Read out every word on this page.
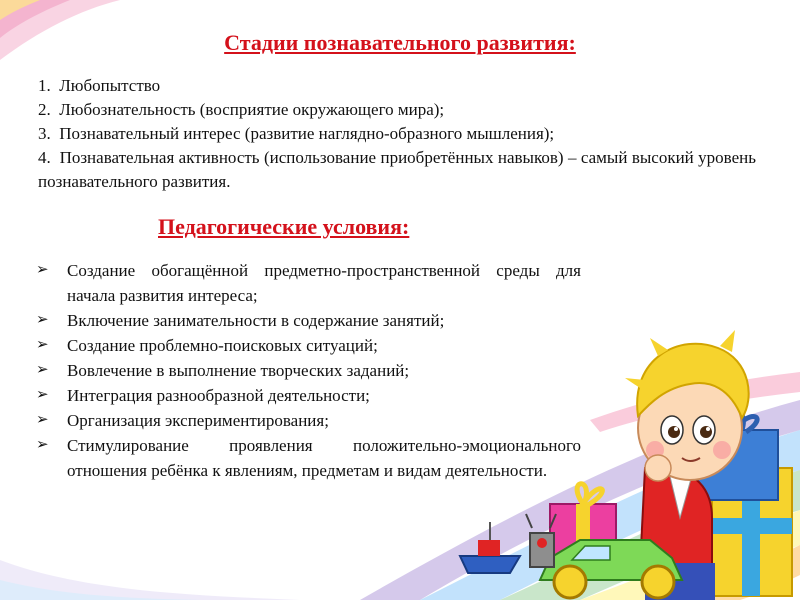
Стадии познавательного развития:
1. Любопытство
2. Любознательность (восприятие окружающего мира);
3. Познавательный интерес (развитие наглядно-образного мышления);
4. Познавательная активность (использование приобретённых навыков) – самый высокий уровень познавательного развития.
Педагогические условия:
➢	Создание обогащённой предметно-пространственной среды для начала развития интереса;
➢	Включение занимательности в содержание занятий;
➢	Создание проблемно-поисковых ситуаций;
➢	Вовлечение в выполнение творческих заданий;
➢	Интеграция разнообразной деятельности;
➢	Организация экспериментирования;
➢	Стимулирование проявления положительно-эмоционального отношения ребёнка к явлениям, предметам и видам деятельности.
